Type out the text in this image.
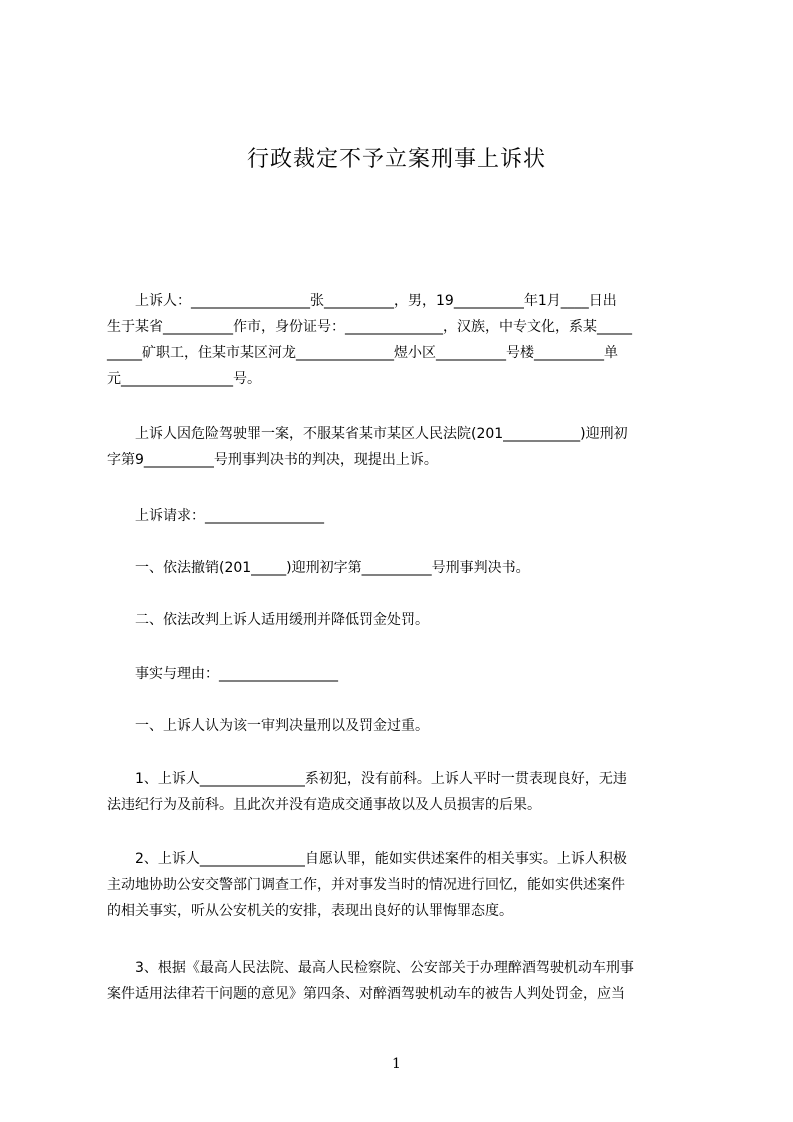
行政裁定不予立案刑事上诉状
上诉人：_________________张__________，男，19__________年1月____日出
生于某省__________作市，身份证号：______________，汉族，中专文化，系某_____
_____矿职工，住某市某区河龙______________煜小区__________号楼__________单
元________________号。
上诉人因危险驾驶罪一案，不服某省某市某区人民法院(201___________)迎刑初
字第9__________号刑事判决书的判决，现提出上诉。
上诉请求：_________________
一、依法撤销(201_____)迎刑初字第__________号刑事判决书。
二、依法改判上诉人适用缓刑并降低罚金处罚。
事实与理由：_________________
一、上诉人认为该一审判决量刑以及罚金过重。
1、上诉人_______________系初犯，没有前科。上诉人平时一贯表现良好，无违
法违纪行为及前科。且此次并没有造成交通事故以及人员损害的后果。
2、上诉人_______________自愿认罪，能如实供述案件的相关事实。上诉人积极
主动地协助公安交警部门调查工作，并对事发当时的情况进行回忆，能如实供述案件
的相关事实，听从公安机关的安排，表现出良好的认罪悔罪态度。
3、根据《最高人民法院、最高人民检察院、公安部关于办理醉酒驾驶机动车刑事
案件适用法律若干问题的意见》第四条、对醉酒驾驶机动车的被告人判处罚金，应当
1
